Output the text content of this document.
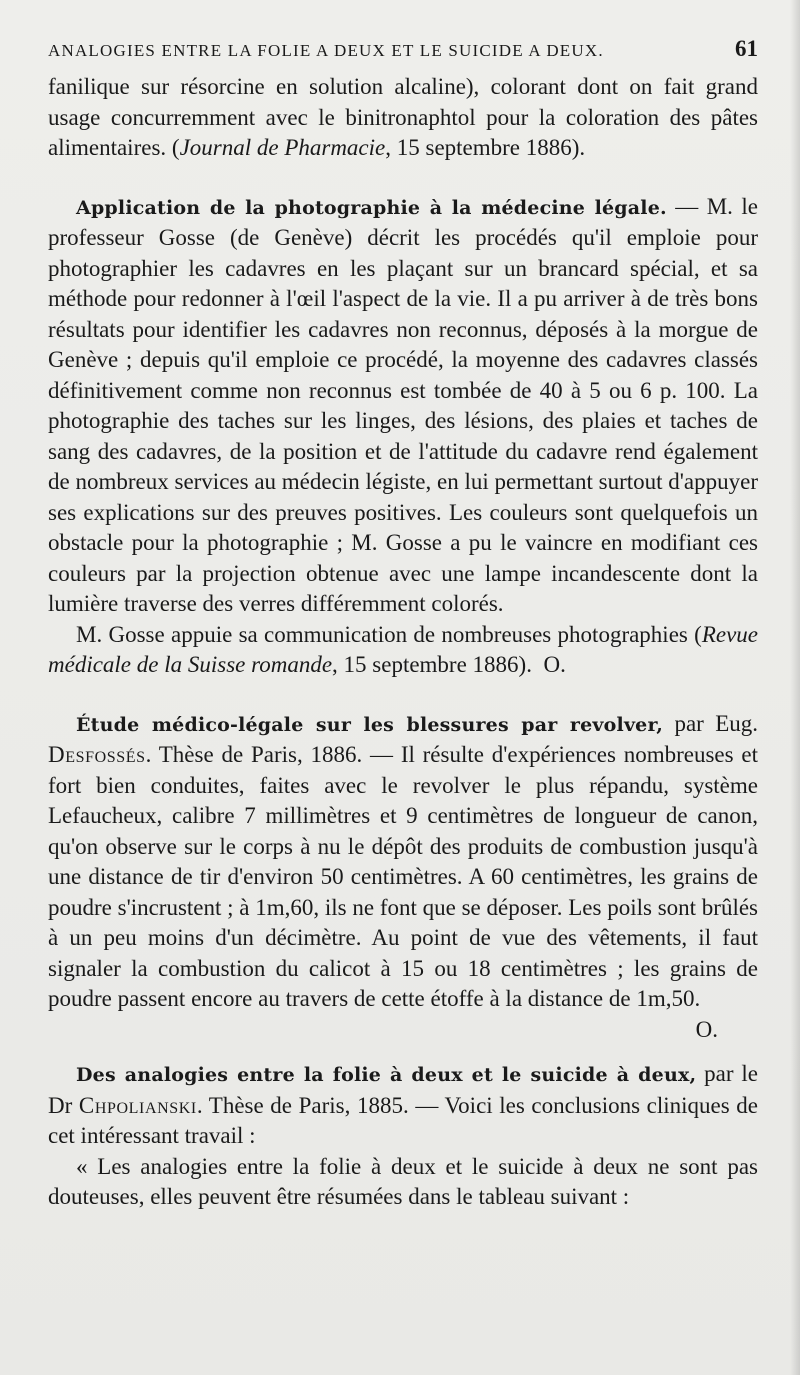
ANALOGIES ENTRE LA FOLIE A DEUX ET LE SUICIDE A DEUX.	61

fanilique sur résorcine en solution alcaline), colorant dont on fait grand usage concurremment avec le binitronaphtol pour la coloration des pâtes alimentaires. (Journal de Pharmacie, 15 septembre 1886).

Application de la photographie à la médecine légale. — M. le professeur Gosse (de Genève) décrit les procédés qu'il emploie pour photographier les cadavres en les plaçant sur un brancard spécial, et sa méthode pour redonner à l'œil l'aspect de la vie. Il a pu arriver à de très bons résultats pour identifier les cadavres non reconnus, déposés à la morgue de Genève ; depuis qu'il emploie ce procédé, la moyenne des cadavres classés définitivement comme non reconnus est tombée de 40 à 5 ou 6 p. 100. La photographie des taches sur les linges, des lésions, des plaies et taches de sang des cadavres, de la position et de l'attitude du cadavre rend également de nombreux services au médecin légiste, en lui permettant surtout d'appuyer ses explications sur des preuves positives. Les couleurs sont quelquefois un obstacle pour la photographie ; M. Gosse a pu le vaincre en modifiant ces couleurs par la projection obtenue avec une lampe incandescente dont la lumière traverse des verres différemment colorés.

M. Gosse appuie sa communication de nombreuses photographies (Revue médicale de la Suisse romande, 15 septembre 1886). O.

Étude médico-légale sur les blessures par revolver, par Eug. Desfossés. Thèse de Paris, 1886. — Il résulte d'expériences nombreuses et fort bien conduites, faites avec le revolver le plus répandu, système Lefaucheux, calibre 7 millimètres et 9 centimètres de longueur de canon, qu'on observe sur le corps à nu le dépôt des produits de combustion jusqu'à une distance de tir d'environ 50 centimètres. A 60 centimètres, les grains de poudre s'incrustent ; à 1m,60, ils ne font que se déposer. Les poils sont brûlés à un peu moins d'un décimètre. Au point de vue des vêtements, il faut signaler la combustion du calicot à 15 ou 18 centimètres ; les grains de poudre passent encore au travers de cette étoffe à la distance de 1m,50.

O.

Des analogies entre la folie à deux et le suicide à deux, par le Dr Chpolianski. Thèse de Paris, 1885. — Voici les conclusions cliniques de cet intéressant travail :

« Les analogies entre la folie à deux et le suicide à deux ne sont pas douteuses, elles peuvent être résumées dans le tableau suivant :
